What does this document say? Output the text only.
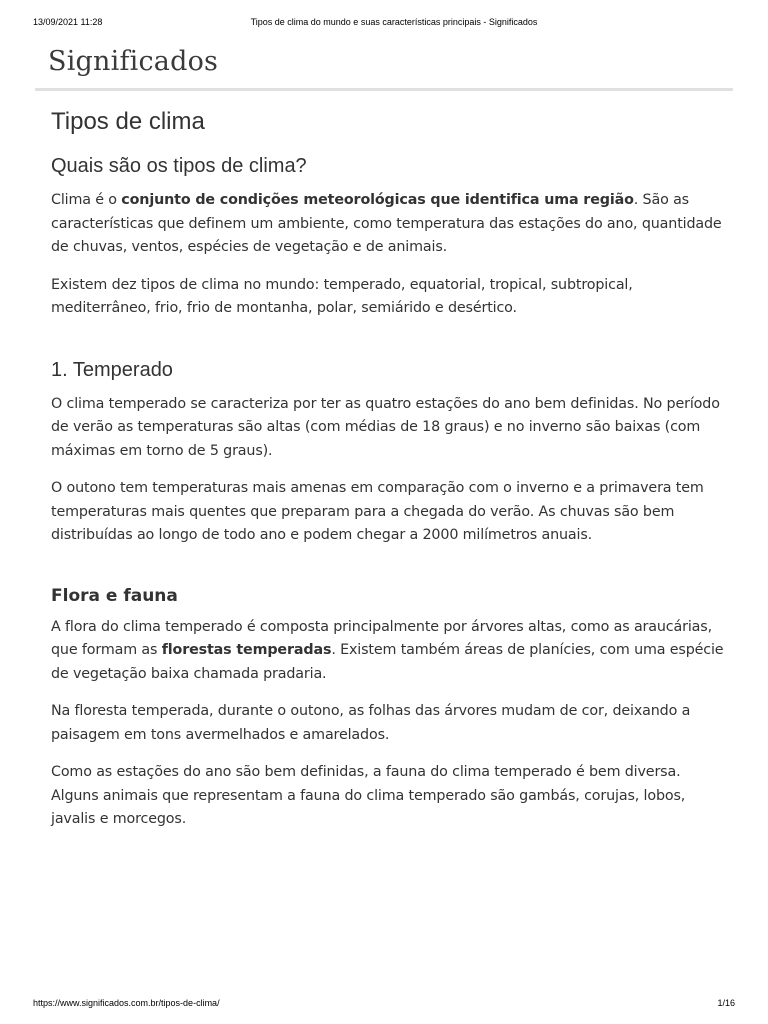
13/09/2021 11:28	Tipos de clima do mundo e suas características principais - Significados
Significados
Tipos de clima
Quais são os tipos de clima?

Clima é o conjunto de condições meteorológicas que identifica uma região. São as características que definem um ambiente, como temperatura das estações do ano, quantidade de chuvas, ventos, espécies de vegetação e de animais.

Existem dez tipos de clima no mundo: temperado, equatorial, tropical, subtropical, mediterrâneo, frio, frio de montanha, polar, semiárido e desértico.

1. Temperado

O clima temperado se caracteriza por ter as quatro estações do ano bem definidas. No período de verão as temperaturas são altas (com médias de 18 graus) e no inverno são baixas (com máximas em torno de 5 graus).

O outono tem temperaturas mais amenas em comparação com o inverno e a primavera tem temperaturas mais quentes que preparam para a chegada do verão. As chuvas são bem distribuídas ao longo de todo ano e podem chegar a 2000 milímetros anuais.

Flora e fauna

A flora do clima temperado é composta principalmente por árvores altas, como as araucárias, que formam as florestas temperadas. Existem também áreas de planícies, com uma espécie de vegetação baixa chamada pradaria.

Na floresta temperada, durante o outono, as folhas das árvores mudam de cor, deixando a paisagem em tons avermelhados e amarelados.

Como as estações do ano são bem definidas, a fauna do clima temperado é bem diversa. Alguns animais que representam a fauna do clima temperado são gambás, corujas, lobos, javalis e morcegos.

https://www.significados.com.br/tipos-de-clima/	1/16
